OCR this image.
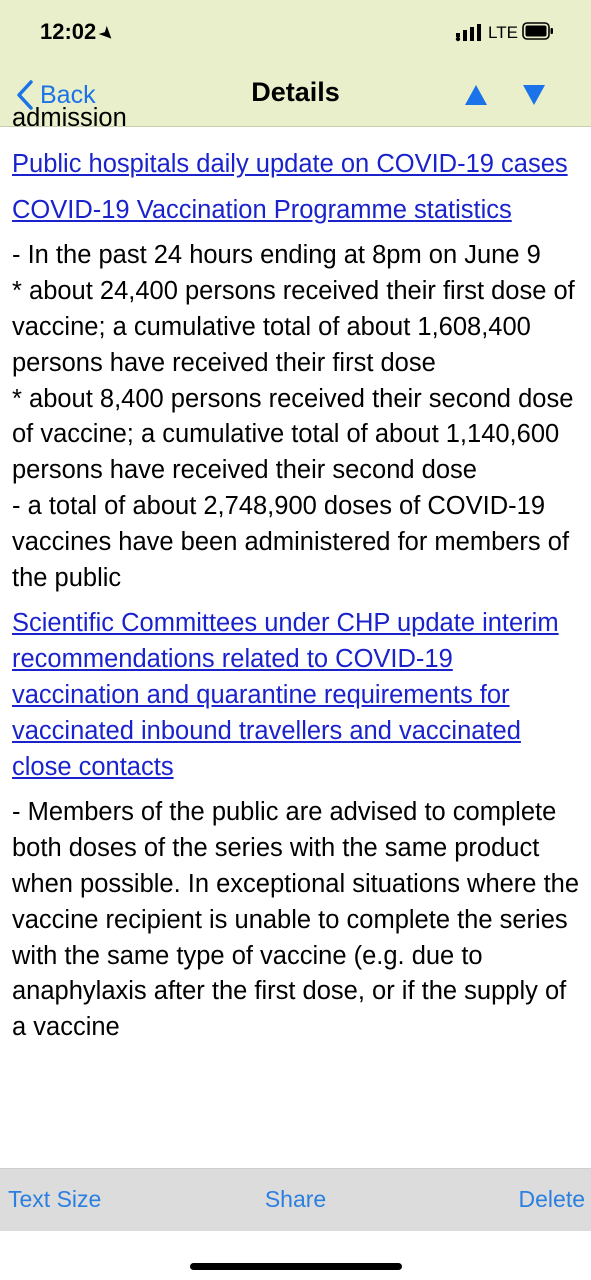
12:02➤	LTE
Back	Details

admission

Public hospitals daily update on COVID-19 cases
COVID-19 Vaccination Programme statistics

- In the past 24 hours ending at 8pm on June 9
* about 24,400 persons received their first dose of vaccine; a cumulative total of about 1,608,400 persons have received their first dose
* about 8,400 persons received their second dose of vaccine; a cumulative total of about 1,140,600 persons have received their second dose
- a total of about 2,748,900 doses of COVID-19 vaccines have been administered for members of the public

Scientific Committees under CHP update interim recommendations related to COVID-19 vaccination and quarantine requirements for vaccinated inbound travellers and vaccinated close contacts

- Members of the public are advised to complete both doses of the series with the same product when possible. In exceptional situations where the vaccine recipient is unable to complete the series with the same type of vaccine (e.g. due to anaphylaxis after the first dose, or if the supply of a vaccine

Text Size	Share	Delete
